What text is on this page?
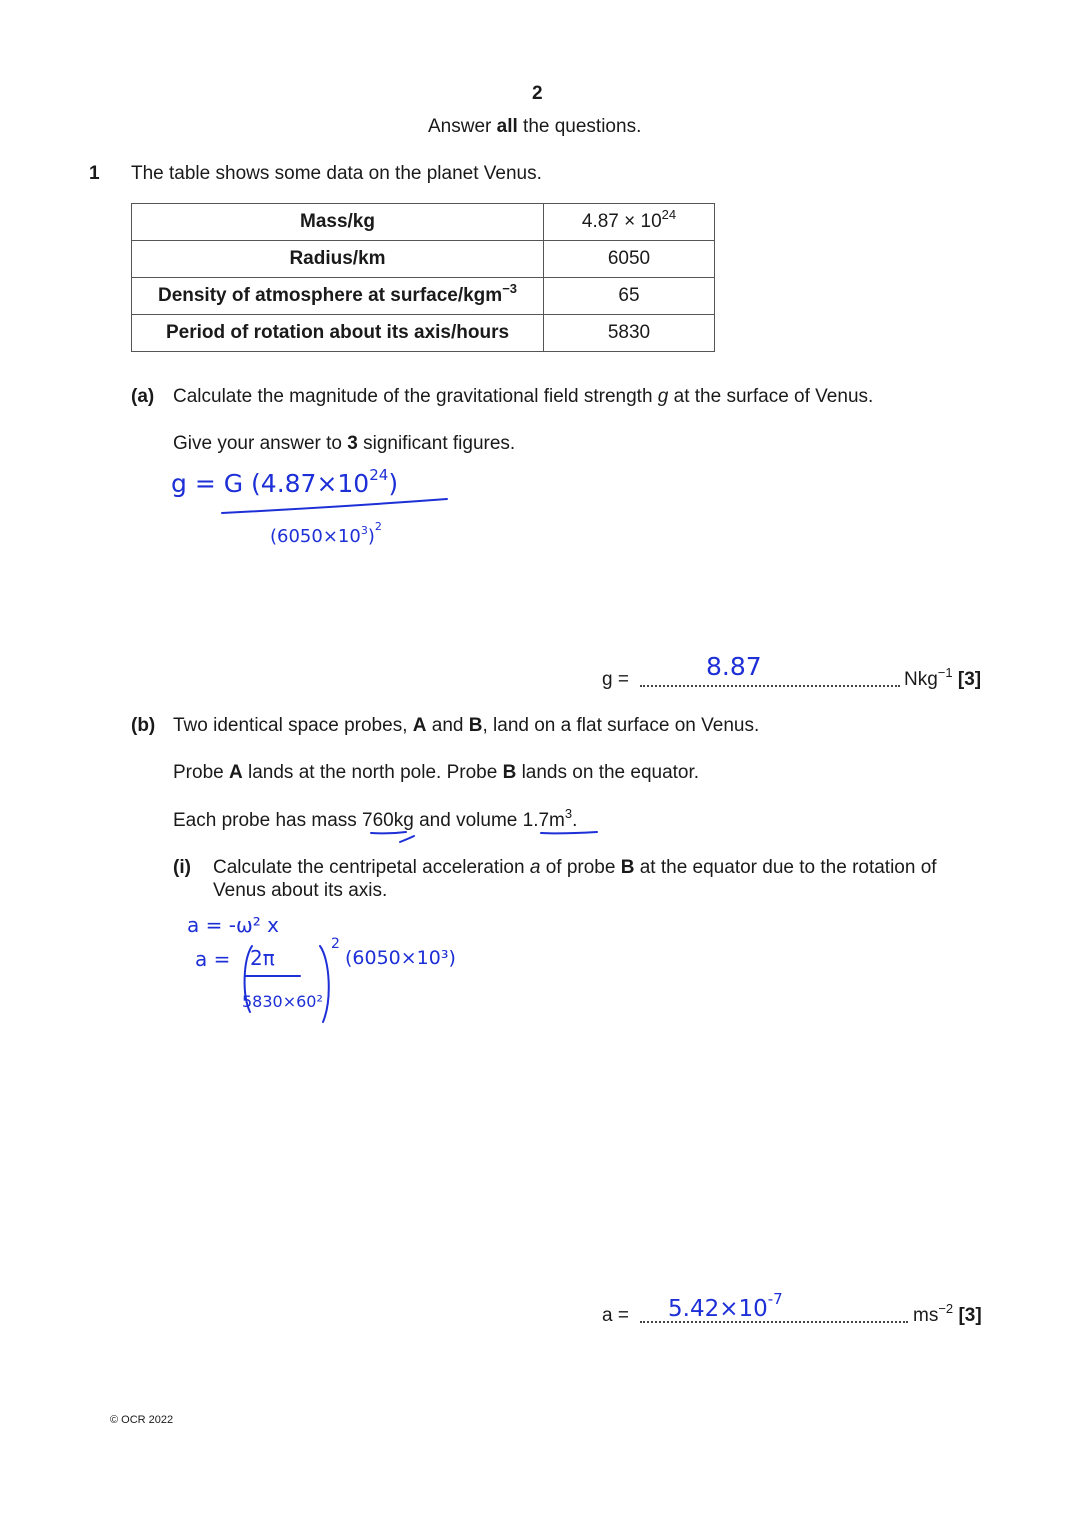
2
Answer all the questions.
1 The table shows some data on the planet Venus.
Mass/kg	$4.87 \times 10^{24}$
Radius/km	6050
Density of atmosphere at surface/kgm$^{-3}$	65
Period of rotation about its axis/hours	5830
(a) Calculate the magnitude of the gravitational field strength g at the surface of Venus.
Give your answer to 3 significant figures.
g = G $(4.87\times 10^{24})$
$(6050\times 10^3)^2$
g =	8.87	Nkg$^{-1}$ [3]
(b) Two identical space probes, A and B, land on a flat surface on Venus.
Probe A lands at the north pole. Probe B lands on the equator.
Each probe has mass 760kg and volume $1.7m^3$.
(i) Calculate the centripetal acceleration a of probe B at the equator due to the rotation of
Venus about its axis.
a = -ω² x
a = 2π
5830×60²
2
(6050×10³)
$a = 5.42\times 10^{-7}$
$ms^{-2}$ [3]
© OCR 2022
